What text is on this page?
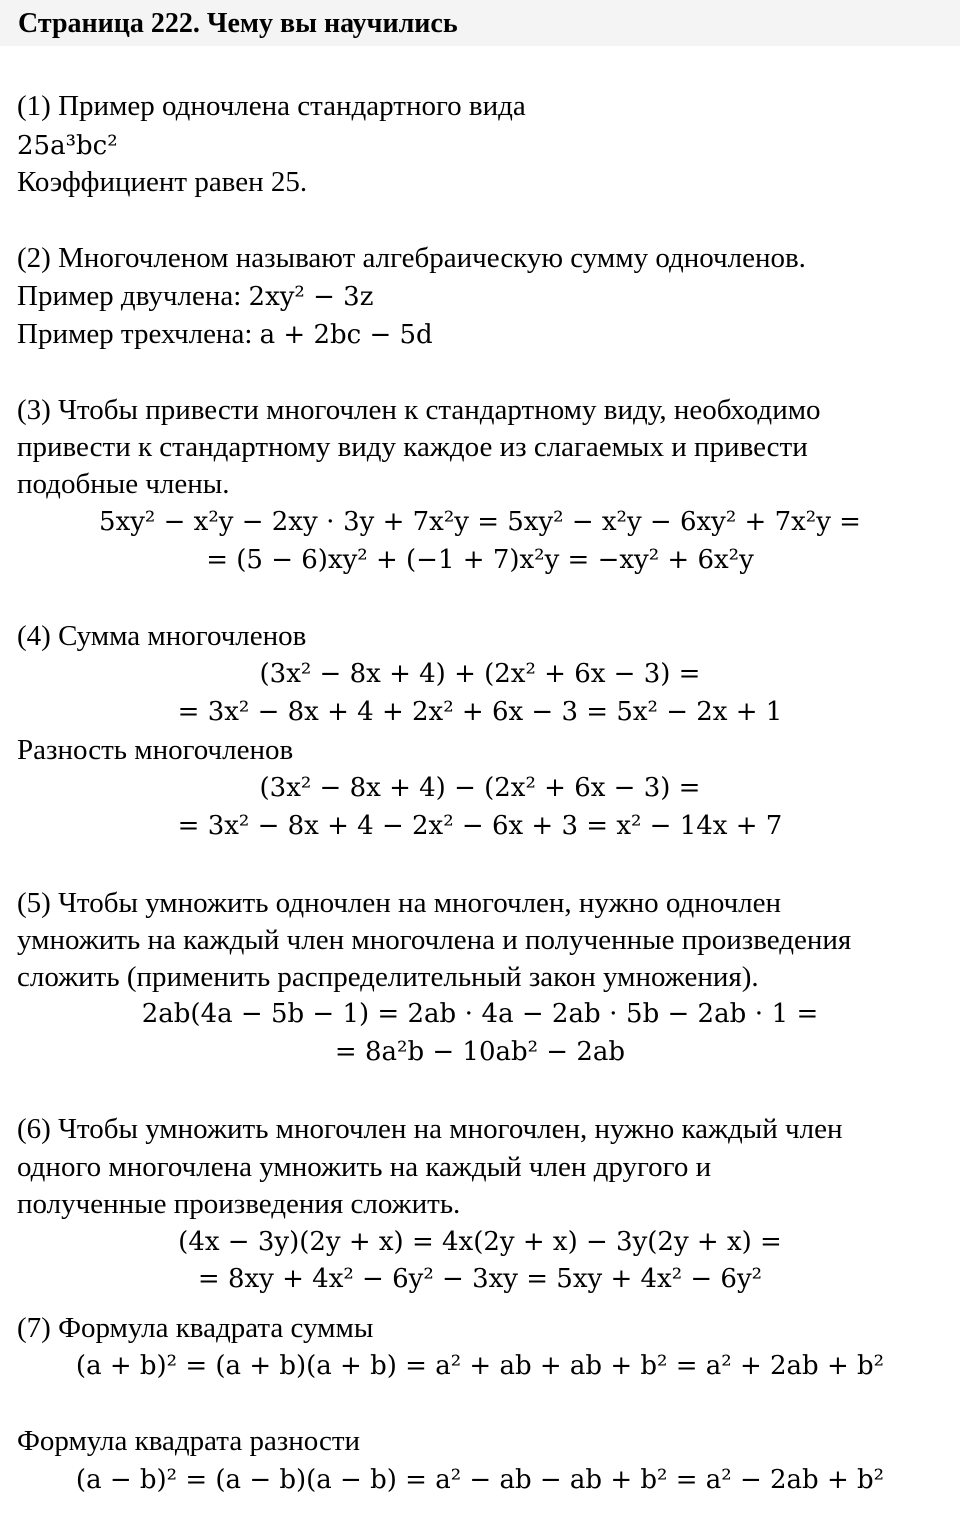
Страница 222. Чему вы научились
(1) Пример одночлена стандартного вида
25a³bc²
Коэффициент равен 25.
(2) Многочленом называют алгебраическую сумму одночленов.
Пример двучлена: 2xy² − 3z
Пример трехчлена: a + 2bc − 5d
(3) Чтобы привести многочлен к стандартному виду, необходимо
привести к стандартному виду каждое из слагаемых и привести
подобные члены.
5xy² − x²y − 2xy ⋅ 3y + 7x²y = 5xy² − x²y − 6xy² + 7x²y =
= (5 − 6)xy² + (−1 + 7)x²y = −xy² + 6x²y
(4) Сумма многочленов
(3x² − 8x + 4) + (2x² + 6x − 3) =
= 3x² − 8x + 4 + 2x² + 6x − 3 = 5x² − 2x + 1
Разность многочленов
(3x² − 8x + 4) − (2x² + 6x − 3) =
= 3x² − 8x + 4 − 2x² − 6x + 3 = x² − 14x + 7
(5) Чтобы умножить одночлен на многочлен, нужно одночлен
умножить на каждый член многочлена и полученные произведения
сложить (применить распределительный закон умножения).
2ab(4a − 5b − 1) = 2ab ⋅ 4a − 2ab ⋅ 5b − 2ab ⋅ 1 =
= 8a²b − 10ab² − 2ab
(6) Чтобы умножить многочлен на многочлен, нужно каждый член
одного многочлена умножить на каждый член другого и
полученные произведения сложить.
(4x − 3y)(2y + x) = 4x(2y + x) − 3y(2y + x) =
= 8xy + 4x² − 6y² − 3xy = 5xy + 4x² − 6y²
(7) Формула квадрата суммы
(a + b)² = (a + b)(a + b) = a² + ab + ab + b² = a² + 2ab + b²
Формула квадрата разности
(a − b)² = (a − b)(a − b) = a² − ab − ab + b² = a² − 2ab + b²
